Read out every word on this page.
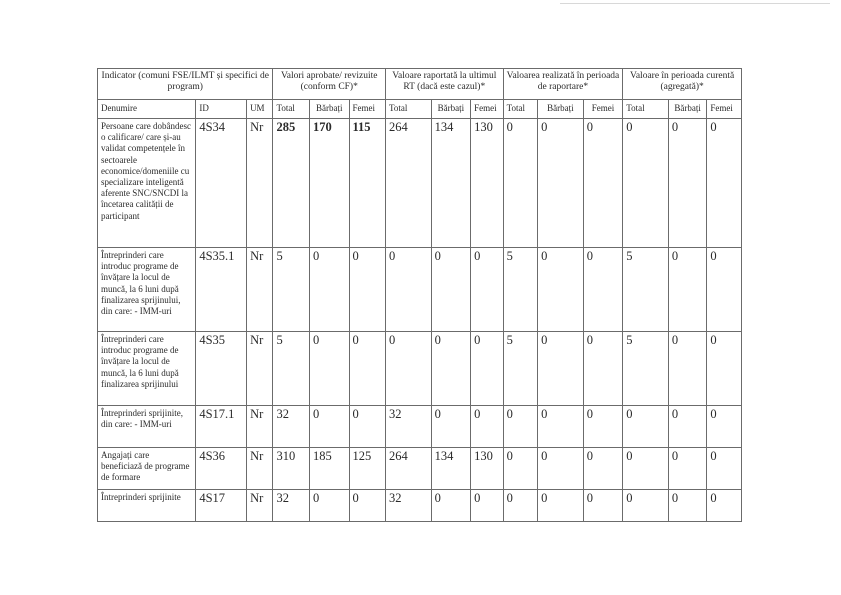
Indicator (comuni FSE/ILMT și specifici de program)			Valori aprobate/ revizuite (conform CF)*			Valoare raportată la ultimul RT (dacă este cazul)*			Valoarea realizată în perioada de raportare*			Valoare în perioada curentă (agregată)*		
Denumire	ID	UM	Total	Bărbați	Femei	Total	Bărbați	Femei	Total	Bărbați	Femei	Total	Bărbați	Femei
Persoane care dobândesc o calificare/ care și-au validat competențele în sectoarele economice/domeniile cu specializare inteligentă aferente SNC/SNCDI la încetarea calității de participant	4S34	Nr	285	170	115	264	134	130	0	0	0	0	0	0
Întreprinderi care introduc programe de învățare la locul de muncă, la 6 luni după finalizarea sprijinului, din care: - IMM-uri	4S35.1	Nr	5	0	0	0	0	0	5	0	0	5	0	0
Întreprinderi care introduc programe de învățare la locul de muncă, la 6 luni după finalizarea sprijinului	4S35	Nr	5	0	0	0	0	0	5	0	0	5	0	0
Întreprinderi sprijinite, din care: - IMM-uri	4S17.1	Nr	32	0	0	32	0	0	0	0	0	0	0	0
Angajați care beneficiază de programe de formare	4S36	Nr	310	185	125	264	134	130	0	0	0	0	0	0
Întreprinderi sprijinite	4S17	Nr	32	0	0	32	0	0	0	0	0	0	0	0
